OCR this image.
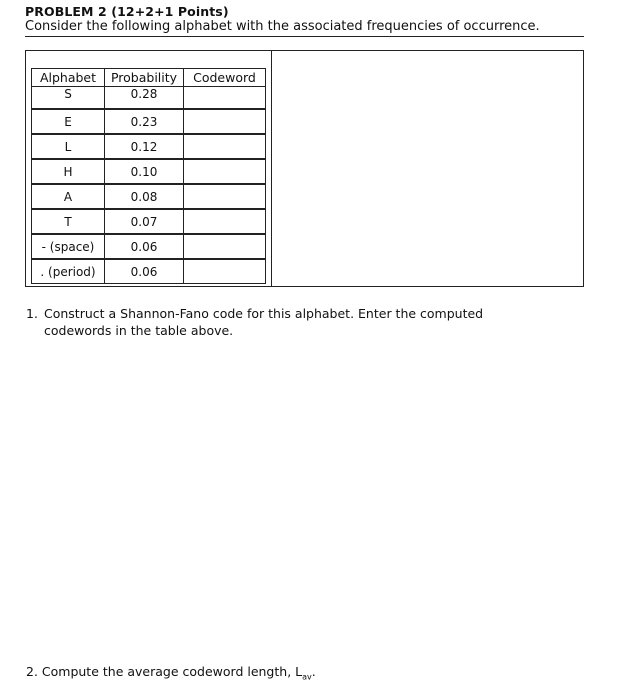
PROBLEM 2 (12+2+1 Points)
Consider the following alphabet with the associated frequencies of occurrence.
Alphabet	Probability	Codeword
S	0.28	
E	0.23	
L	0.12	
H	0.10	
A	0.08	
T	0.07	
- (space)	0.06	
. (period)	0.06	
1. Construct a Shannon-Fano code for this alphabet. Enter the computed
codewords in the table above.
2. Compute the average codeword length, $L_{av}$.
